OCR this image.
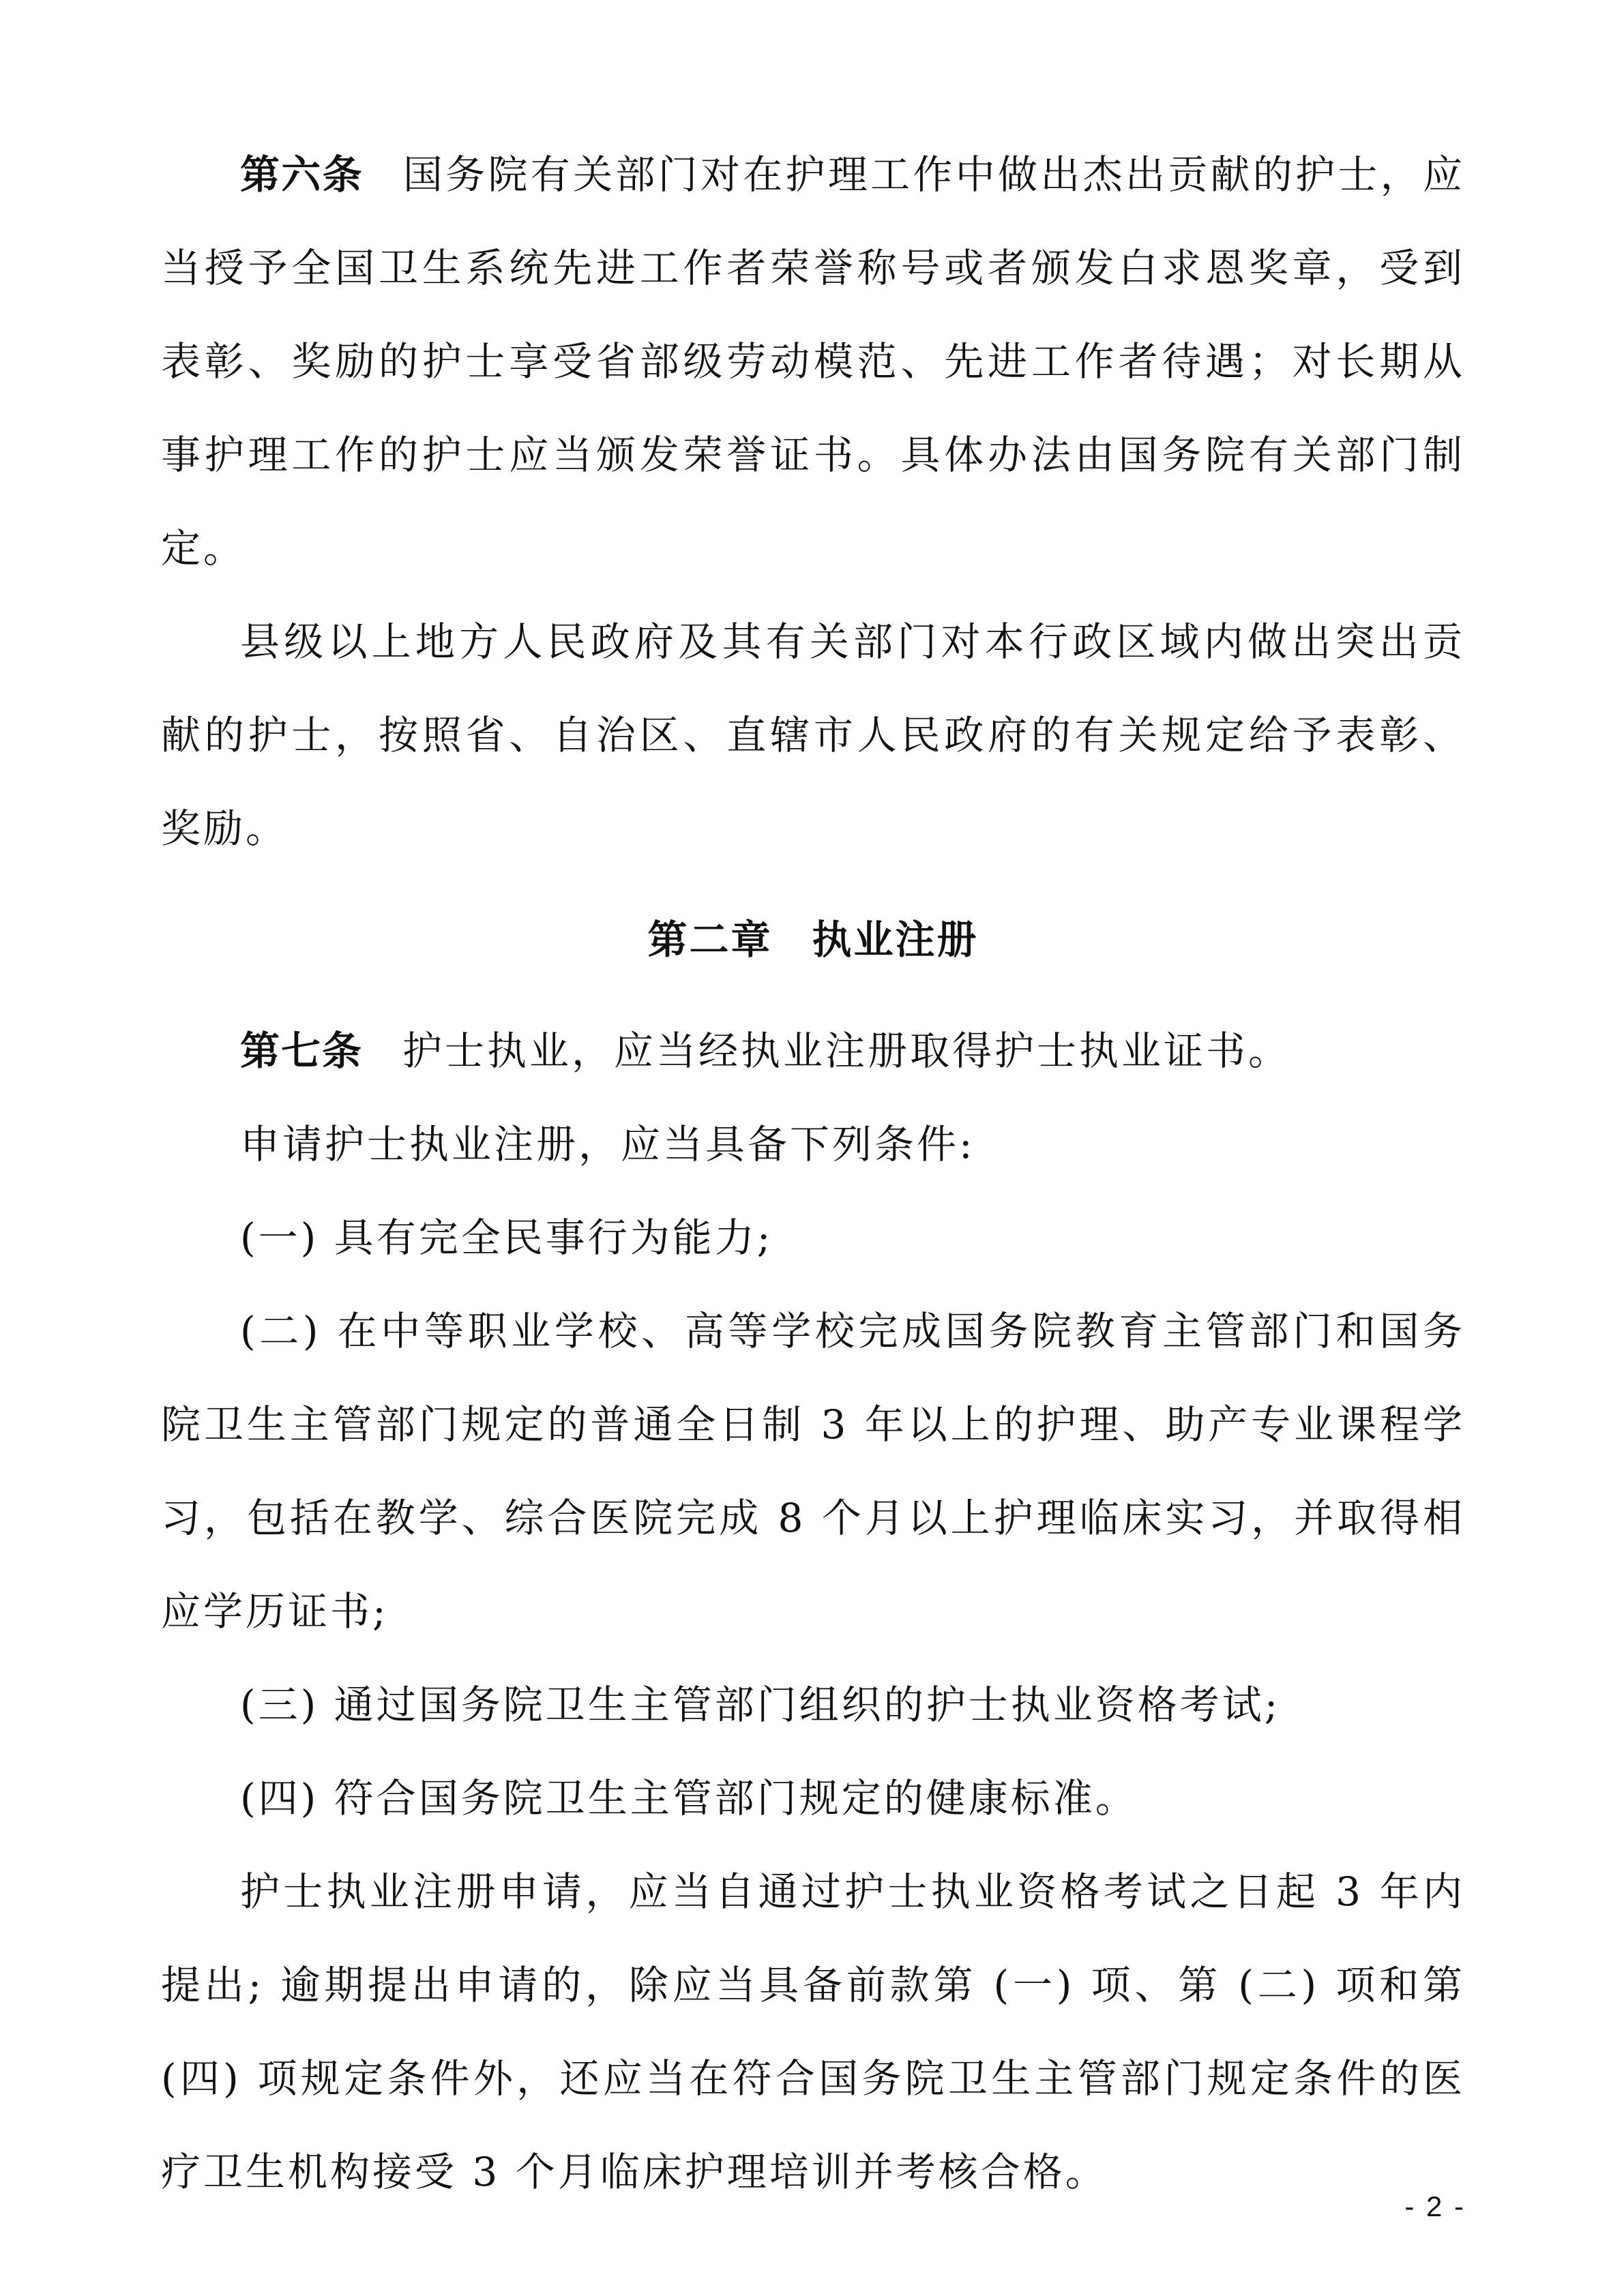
第六条 国务院有关部门对在护理工作中做出杰出贡献的护士，应当授予全国卫生系统先进工作者荣誉称号或者颁发白求恩奖章，受到表彰、奖励的护士享受省部级劳动模范、先进工作者待遇；对长期从事护理工作的护士应当颁发荣誉证书。具体办法由国务院有关部门制定。

县级以上地方人民政府及其有关部门对本行政区域内做出突出贡献的护士，按照省、自治区、直辖市人民政府的有关规定给予表彰、奖励。

第二章 执业注册

第七条 护士执业，应当经执业注册取得护士执业证书。

申请护士执业注册，应当具备下列条件:

(一) 具有完全民事行为能力;

(二) 在中等职业学校、高等学校完成国务院教育主管部门和国务院卫生主管部门规定的普通全日制 3 年以上的护理、助产专业课程学习，包括在教学、综合医院完成 8 个月以上护理临床实习，并取得相应学历证书;

(三) 通过国务院卫生主管部门组织的护士执业资格考试;

(四) 符合国务院卫生主管部门规定的健康标准。

护士执业注册申请，应当自通过护士执业资格考试之日起 3 年内提出; 逾期提出申请的，除应当具备前款第 (一) 项、第 (二) 项和第 (四) 项规定条件外，还应当在符合国务院卫生主管部门规定条件的医疗卫生机构接受 3 个月临床护理培训并考核合格。

- 2 -
